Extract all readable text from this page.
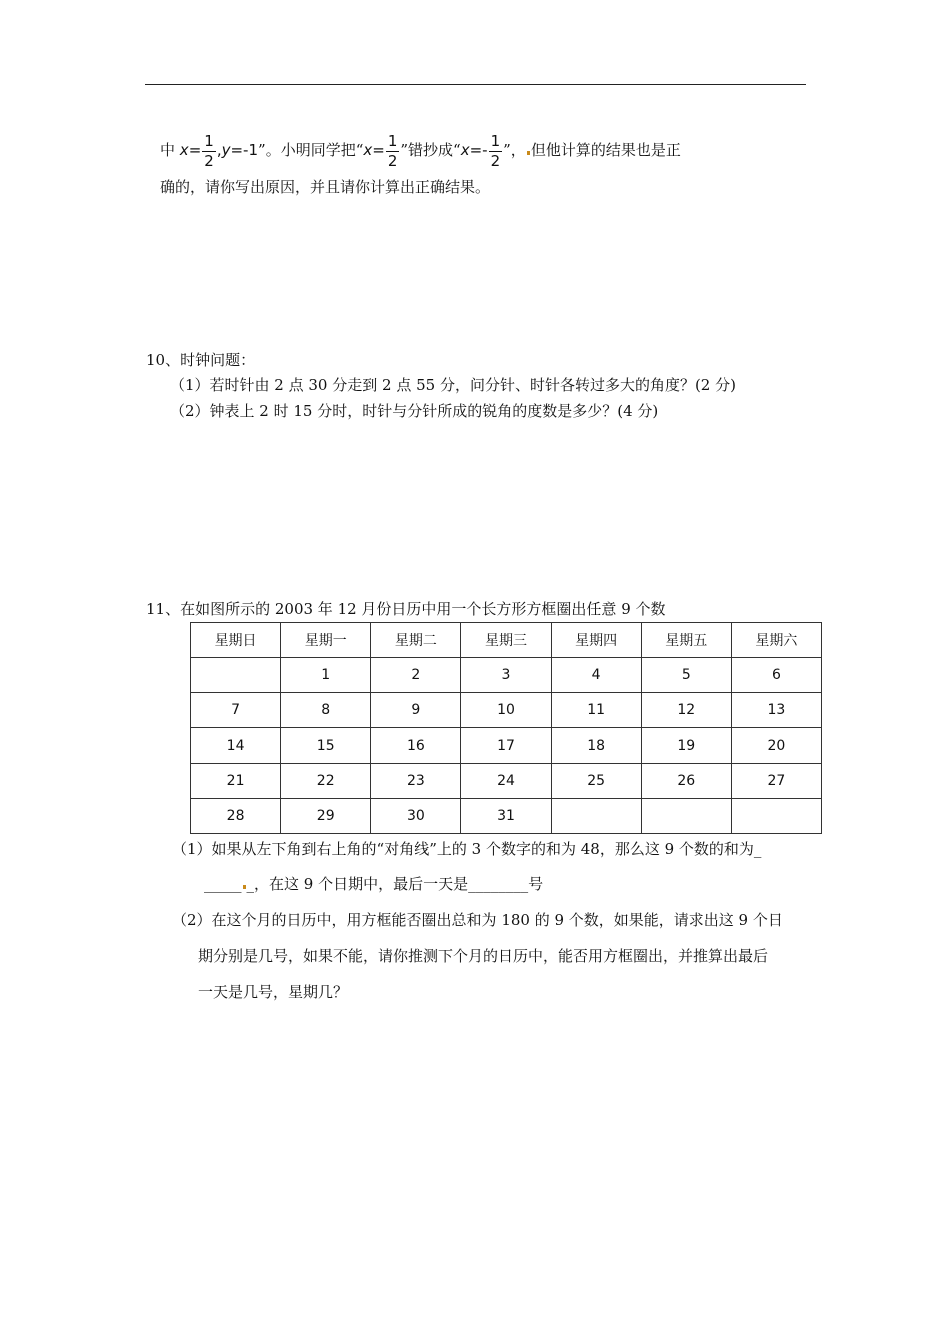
中 $x= \frac{1}{2} ,y=-1$”。小明同学把“$x= \frac{1}{2}$ ”错抄成“$x=- \frac{1}{2}$ ”， 但他计算的结果也是正
确的，请你写出原因，并且请你计算出正确结果。
10、时钟问题：
（1）若时针由 2 点 30 分走到 2 点 55 分，问分针、时针各转过多大的角度？(2 分)
（2）钟表上 2 时 15 分时，时针与分针所成的锐角的度数是多少？(4 分)
11、在如图所示的 2003 年 12 月份日历中用一个长方形方框圈出任意 9 个数
星期日	星期一	星期二	星期三	星期四	星期五	星期六
	1	2	3	4	5	6
7	8	9	10	11	12	13
14	15	16	17	18	19	20
21	22	23	24	25	26	27
28	29	30	31			
（1）如果从左下角到右上角的“对角线”上的 3 个数字的和为 48，那么这 9 个数的和为_
_____ _，在这 9 个日期中，最后一天是________号
（2）在这个月的日历中，用方框能否圈出总和为 180 的 9 个数，如果能，请求出这 9 个日
期分别是几号，如果不能，请你推测下个月的日历中，能否用方框圈出，并推算出最后
一天是几号，星期几？
